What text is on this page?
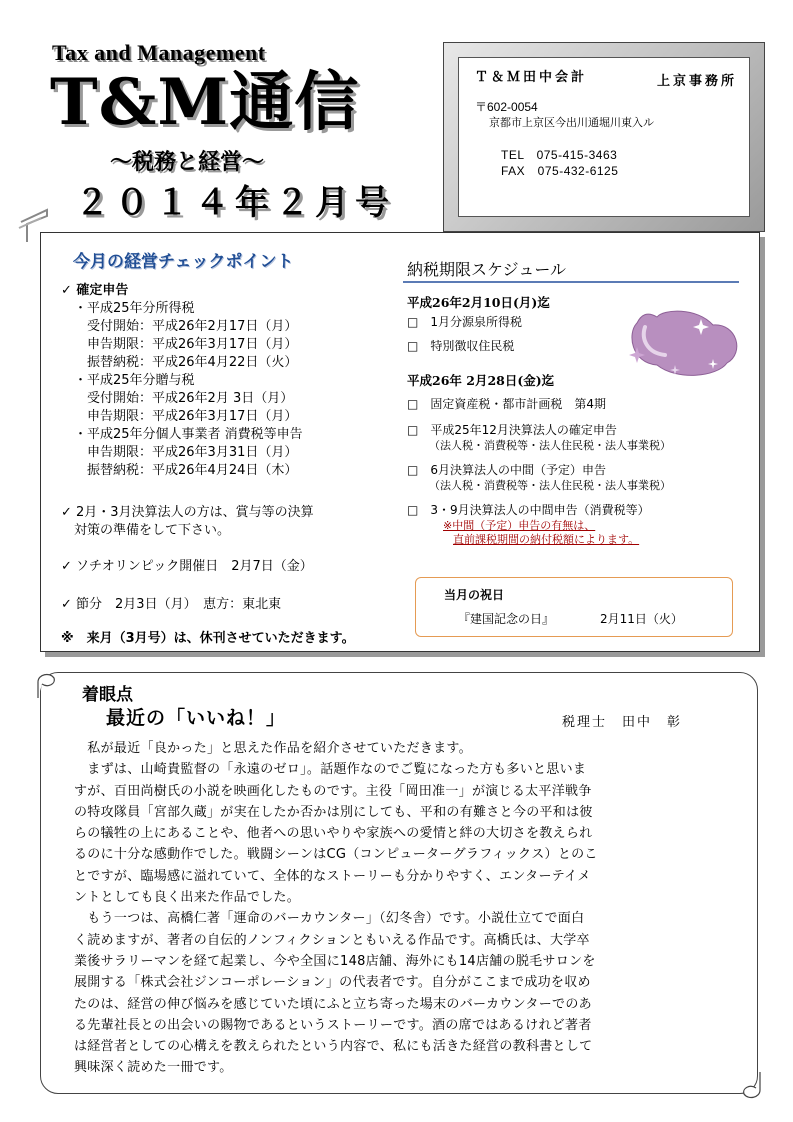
Tax and Management
T&M通信
～税務と経営～
２０１４年２月号
Ｔ＆Ｍ田中会計	上京事務所
〒602-0054
京都市上京区今出川通堀川東入ル
TEL　075-415-3463
FAX　075-432-6125
今月の経営チェックポイント
✓ 確定申告
　・平成25年分所得税
　　受付開始：平成26年2月17日（月）
　　申告期限：平成26年3月17日（月）
　　振替納税：平成26年4月22日（火）
　・平成25年分贈与税
　　受付開始：平成26年2月 3日（月）
　　申告期限：平成26年3月17日（月）
　・平成25年分個人事業者 消費税等申告
　　申告期限：平成26年3月31日（月）
　　振替納税：平成26年4月24日（木）
✓ 2月・3月決算法人の方は、賞与等の決算
　対策の準備をして下さい。
✓ ソチオリンピック開催日　2月7日（金）
✓ 節分　2月3日（月）　恵方：東北東
※　来月（3月号）は、休刊させていただきます。
納税期限スケジュール
平成26年2月10日(月)迄
□　1月分源泉所得税
□　特別徴収住民税
平成26年 2月28日(金)迄
□　固定資産税・都市計画税　第4期
□　平成25年12月決算法人の確定申告
（法人税・消費税等・法人住民税・法人事業税）
□　6月決算法人の中間（予定）申告
（法人税・消費税等・法人住民税・法人事業税）
□　3・9月決算法人の中間申告（消費税等）
※中間（予定）申告の有無は、
直前課税期間の納付税額によります。
当月の祝日
『建国記念の日』	2月11日（火）
着眼点
最近の「いいね！」	税理士　田中　彰
　私が最近「良かった」と思えた作品を紹介させていただきます。
　まずは、山崎貴監督の「永遠のゼロ」。話題作なのでご覧になった方も多いと思いま
すが、百田尚樹氏の小説を映画化したものです。主役「岡田准一」が演じる太平洋戦争
の特攻隊員「宮部久蔵」が実在したか否かは別にしても、平和の有難さと今の平和は彼
らの犠牲の上にあることや、他者への思いやりや家族への愛情と絆の大切さを教えられ
るのに十分な感動作でした。戦闘シーンはCG（コンピューターグラフィックス）とのこ
とですが、臨場感に溢れていて、全体的なストーリーも分かりやすく、エンターテイメ
ントとしても良く出来た作品でした。
　もう一つは、高橋仁著「運命のバーカウンター」（幻冬舎）です。小説仕立てで面白
く読めますが、著者の自伝的ノンフィクションともいえる作品です。高橋氏は、大学卒
業後サラリーマンを経て起業し、今や全国に148店舗、海外にも14店舗の脱毛サロンを
展開する「株式会社ジンコーポレーション」の代表者です。自分がここまで成功を収め
たのは、経営の伸び悩みを感じていた頃にふと立ち寄った場末のバーカウンターでのあ
る先輩社長との出会いの賜物であるというストーリーです。酒の席ではあるけれど著者
は経営者としての心構えを教えられたという内容で、私にも活きた経営の教科書として
興味深く読めた一冊です。
